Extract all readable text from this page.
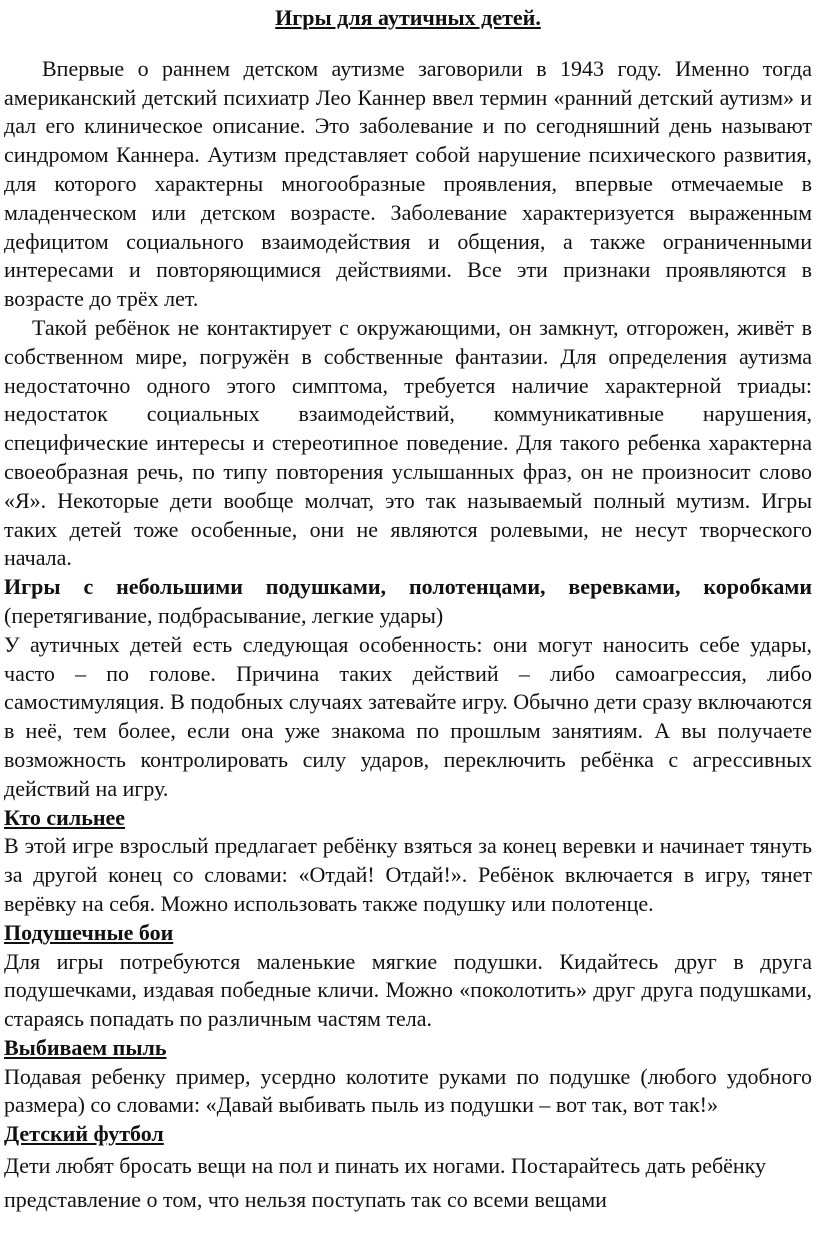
Игры для аутичных детей.

Впервые о раннем детском аутизме заговорили в 1943 году. Именно тогда американский детский психиатр Лео Каннер ввел термин «ранний детский аутизм» и дал его клиническое описание. Это заболевание и по сегодняшний день называют синдромом Каннера. Аутизм представляет собой нарушение психического развития, для которого характерны многообразные проявления, впервые отмечаемые в младенческом или детском возрасте. Заболевание характеризуется выраженным дефицитом социального взаимодействия и общения, а также ограниченными интересами и повторяющимися действиями. Все эти признаки проявляются в возрасте до трёх лет.

Такой ребёнок не контактирует с окружающими, он замкнут, отгорожен, живёт в собственном мире, погружён в собственные фантазии. Для определения аутизма недостаточно одного этого симптома, требуется наличие характерной триады: недостаток социальных взаимодействий, коммуникативные нарушения, специфические интересы и стереотипное поведение. Для такого ребенка характерна своеобразная речь, по типу повторения услышанных фраз, он не произносит слово «Я». Некоторые дети вообще молчат, это так называемый полный мутизм. Игры таких детей тоже особенные, они не являются ролевыми, не несут творческого начала.

Игры с небольшими подушками, полотенцами, веревками, коробками (перетягивание, подбрасывание, легкие удары)

У аутичных детей есть следующая особенность: они могут наносить себе удары, часто – по голове. Причина таких действий – либо самоагрессия, либо самостимуляция. В подобных случаях затевайте игру. Обычно дети сразу включаются в неё, тем более, если она уже знакома по прошлым занятиям. А вы получаете возможность контролировать силу ударов, переключить ребёнка с агрессивных действий на игру.

Кто сильнее

В этой игре взрослый предлагает ребёнку взяться за конец веревки и начинает тянуть за другой конец со словами: «Отдай! Отдай!». Ребёнок включается в игру, тянет верёвку на себя. Можно использовать также подушку или полотенце.

Подушечные бои

Для игры потребуются маленькие мягкие подушки. Кидайтесь друг в друга подушечками, издавая победные кличи. Можно «поколотить» друг друга подушками, стараясь попадать по различным частям тела.

Выбиваем пыль

Подавая ребенку пример, усердно колотите руками по подушке (любого удобного размера) со словами: «Давай выбивать пыль из подушки – вот так, вот так!»

Детский футбол

Дети любят бросать вещи на пол и пинать их ногами. Постарайтесь дать ребёнку представление о том, что нельзя поступать так со всеми вещами
